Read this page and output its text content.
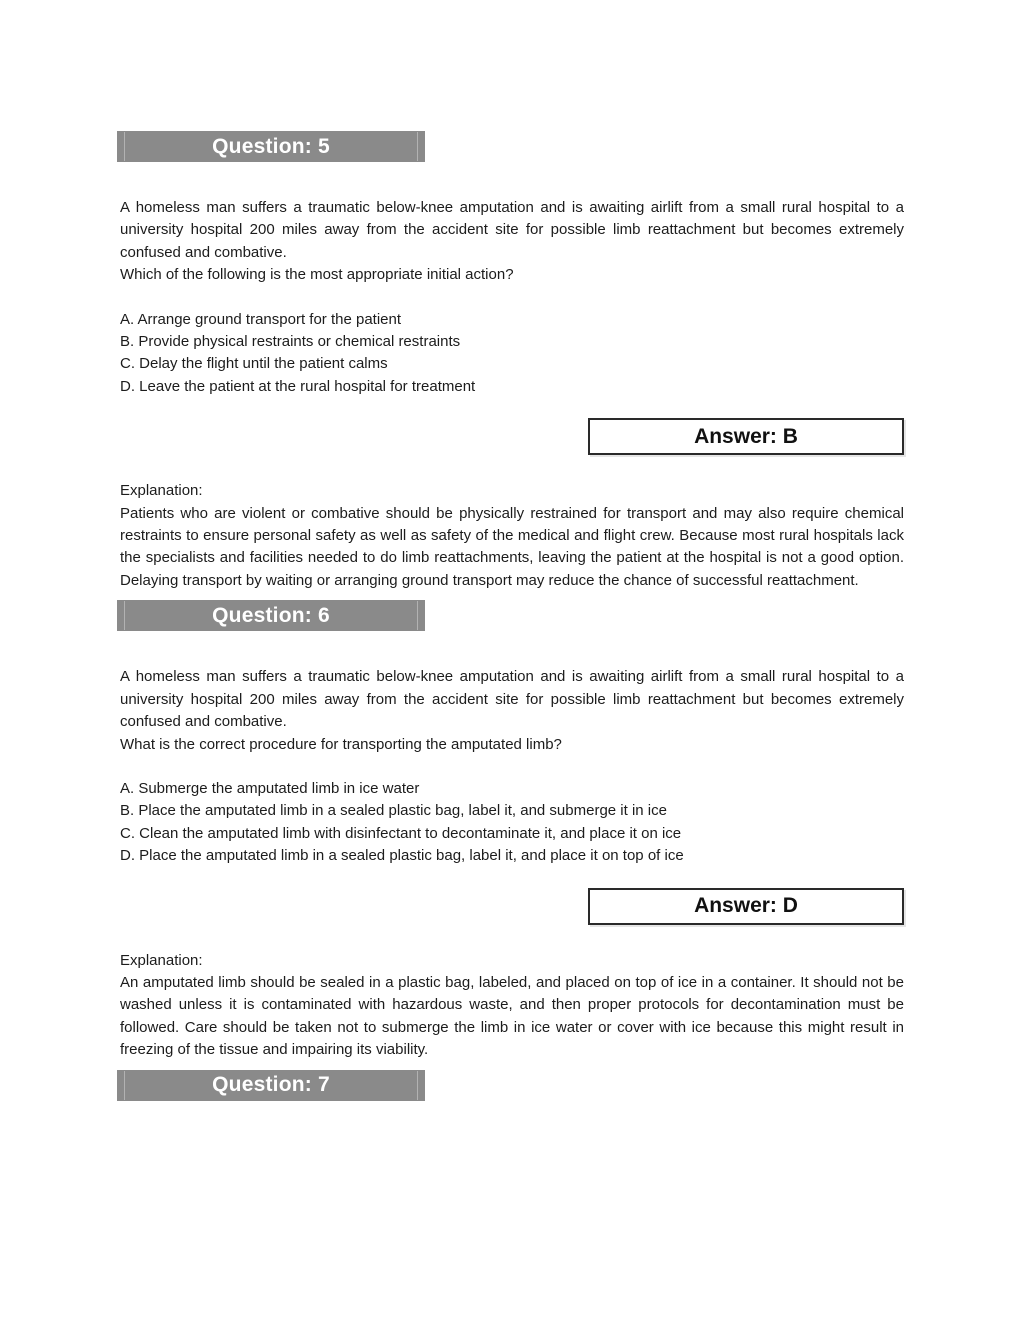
Question: 5
A homeless man suffers a traumatic below-knee amputation and is awaiting airlift from a small rural hospital to a university hospital 200 miles away from the accident site for possible limb reattachment but becomes extremely confused and combative.
Which of the following is the most appropriate initial action?
A. Arrange ground transport for the patient
B. Provide physical restraints or chemical restraints
C. Delay the flight until the patient calms
D. Leave the patient at the rural hospital for treatment
Answer: B
Explanation:
Patients who are violent or combative should be physically restrained for transport and may also require chemical restraints to ensure personal safety as well as safety of the medical and flight crew. Because most rural hospitals lack the specialists and facilities needed to do limb reattachments, leaving the patient at the hospital is not a good option. Delaying transport by waiting or arranging ground transport may reduce the chance of successful reattachment.
Question: 6
A homeless man suffers a traumatic below-knee amputation and is awaiting airlift from a small rural hospital to a university hospital 200 miles away from the accident site for possible limb reattachment but becomes extremely confused and combative.
What is the correct procedure for transporting the amputated limb?
A. Submerge the amputated limb in ice water
B. Place the amputated limb in a sealed plastic bag, label it, and submerge it in ice
C. Clean the amputated limb with disinfectant to decontaminate it, and place it on ice
D. Place the amputated limb in a sealed plastic bag, label it, and place it on top of ice
Answer: D
Explanation:
An amputated limb should be sealed in a plastic bag, labeled, and placed on top of ice in a container. It should not be washed unless it is contaminated with hazardous waste, and then proper protocols for decontamination must be followed. Care should be taken not to submerge the limb in ice water or cover with ice because this might result in freezing of the tissue and impairing its viability.
Question: 7
